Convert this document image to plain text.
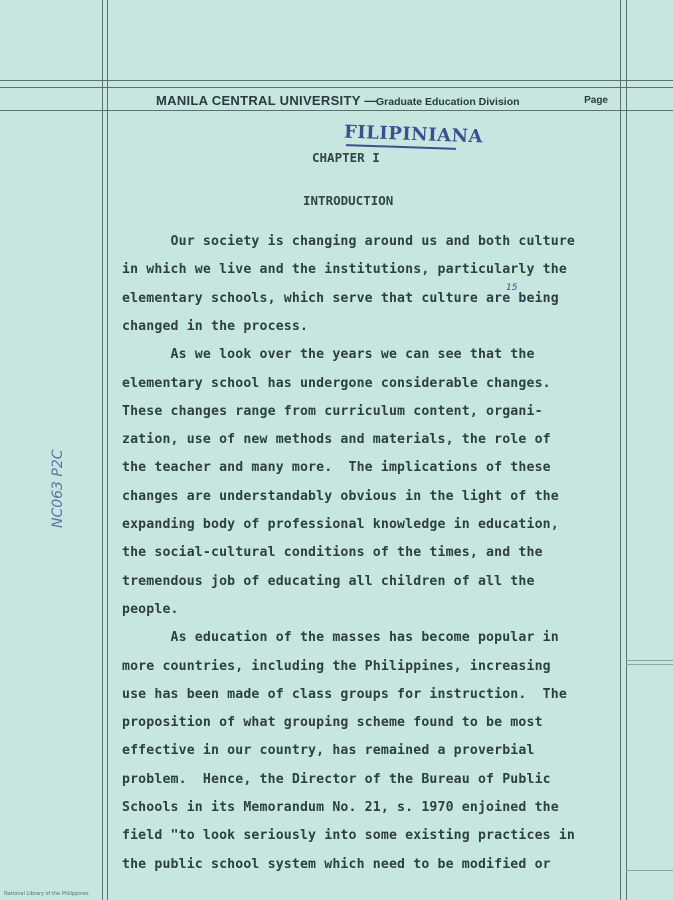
MANILA CENTRAL UNIVERSITY —
Graduate Education Division	Page
FILIPINIANA
CHAPTER I
INTRODUCTION
15
NC063 P2C
Our society is changing around us and both culture
in which we live and the institutions, particularly the
elementary schools, which serve that culture are being
changed in the process.
As we look over the years we can see that the
elementary school has undergone considerable changes.
These changes range from curriculum content, organi-
zation, use of new methods and materials, the role of
the teacher and many more.  The implications of these
changes are understandably obvious in the light of the
expanding body of professional knowledge in education,
the social-cultural conditions of the times, and the
tremendous job of educating all children of all the
people.
As education of the masses has become popular in
more countries, including the Philippines, increasing
use has been made of class groups for instruction.  The
proposition of what grouping scheme found to be most
effective in our country, has remained a proverbial
problem.  Hence, the Director of the Bureau of Public
Schools in its Memorandum No. 21, s. 1970 enjoined the
field "to look seriously into some existing practices in
the public school system which need to be modified or
National Library of the Philippines
